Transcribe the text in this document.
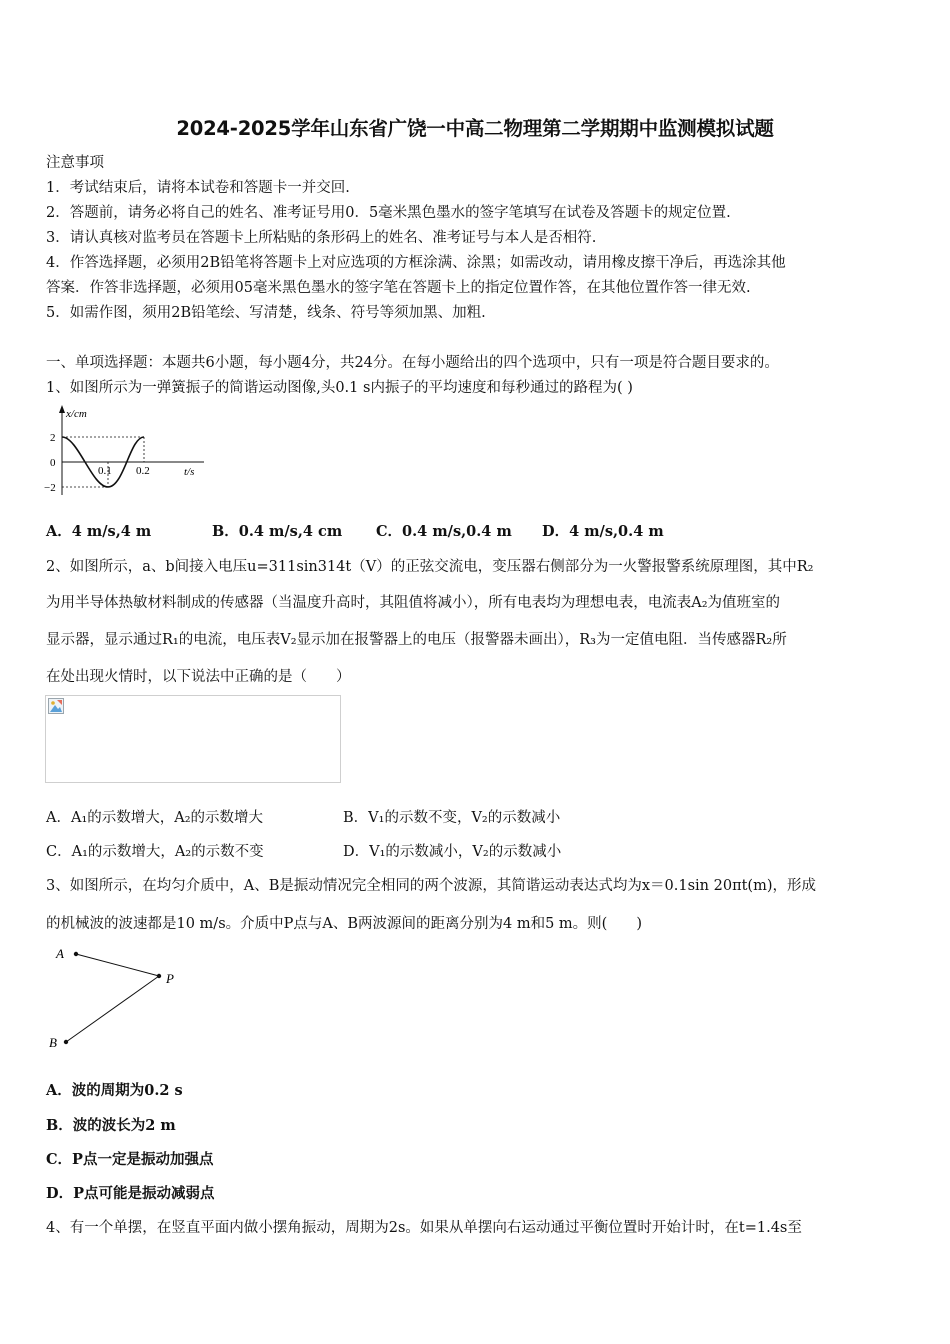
2024-2025学年山东省广饶一中高二物理第二学期期中监测模拟试题
注意事项
1．考试结束后，请将本试卷和答题卡一并交回.
2．答题前，请务必将自己的姓名、准考证号用0．5毫米黑色墨水的签字笔填写在试卷及答题卡的规定位置.
3．请认真核对监考员在答题卡上所粘贴的条形码上的姓名、准考证号与本人是否相符.
4．作答选择题，必须用2B铅笔将答题卡上对应选项的方框涂满、涂黑；如需改动，请用橡皮擦干净后，再选涂其他
答案．作答非选择题，必须用05毫米黑色墨水的签字笔在答题卡上的指定位置作答，在其他位置作答一律无效.
5．如需作图，须用2B铅笔绘、写清楚，线条、符号等须加黑、加粗.
一、单项选择题：本题共6小题，每小题4分，共24分。在每小题给出的四个选项中，只有一项是符合题目要求的。
1、如图所示为一弹簧振子的简谐运动图像,头0.1 s内振子的平均速度和每秒通过的路程为( )
x/cm
2
0
−2
0.1 0.2	t/s
A．4 m/s,4 m	B．0.4 m/s,4 cm C．0.4 m/s,0.4 m D．4 m/s,0.4 m
2、如图所示，a、b间接入电压u=311sin314t（V）的正弦交流电，变压器右侧部分为一火警报警系统原理图，其中R₂
为用半导体热敏材料制成的传感器（当温度升高时，其阻值将减小），所有电表均为理想电表，电流表A₂为值班室的
显示器，显示通过R₁的电流，电压表V₂显示加在报警器上的电压（报警器未画出），R₃为一定值电阻．当传感器R₂所
在处出现火情时，以下说法中正确的是（　　）
A．A₁的示数增大，A₂的示数增大	B．V₁的示数不变，V₂的示数减小
C．A₁的示数增大，A₂的示数不变	D．V₁的示数减小，V₂的示数减小
3、如图所示，在均匀介质中，A、B是振动情况完全相同的两个波源，其简谐运动表达式均为x＝0.1sin 20πt(m)，形成
的机械波的波速都是10 m/s。介质中P点与A、B两波源间的距离分别为4 m和5 m。则(　　)
A
P
B
A．波的周期为0.2 s
B．波的波长为2 m
C．P点一定是振动加强点
D．P点可能是振动减弱点
4、有一个单摆，在竖直平面内做小摆角振动，周期为2s。如果从单摆向右运动通过平衡位置时开始计时，在t=1.4s至
